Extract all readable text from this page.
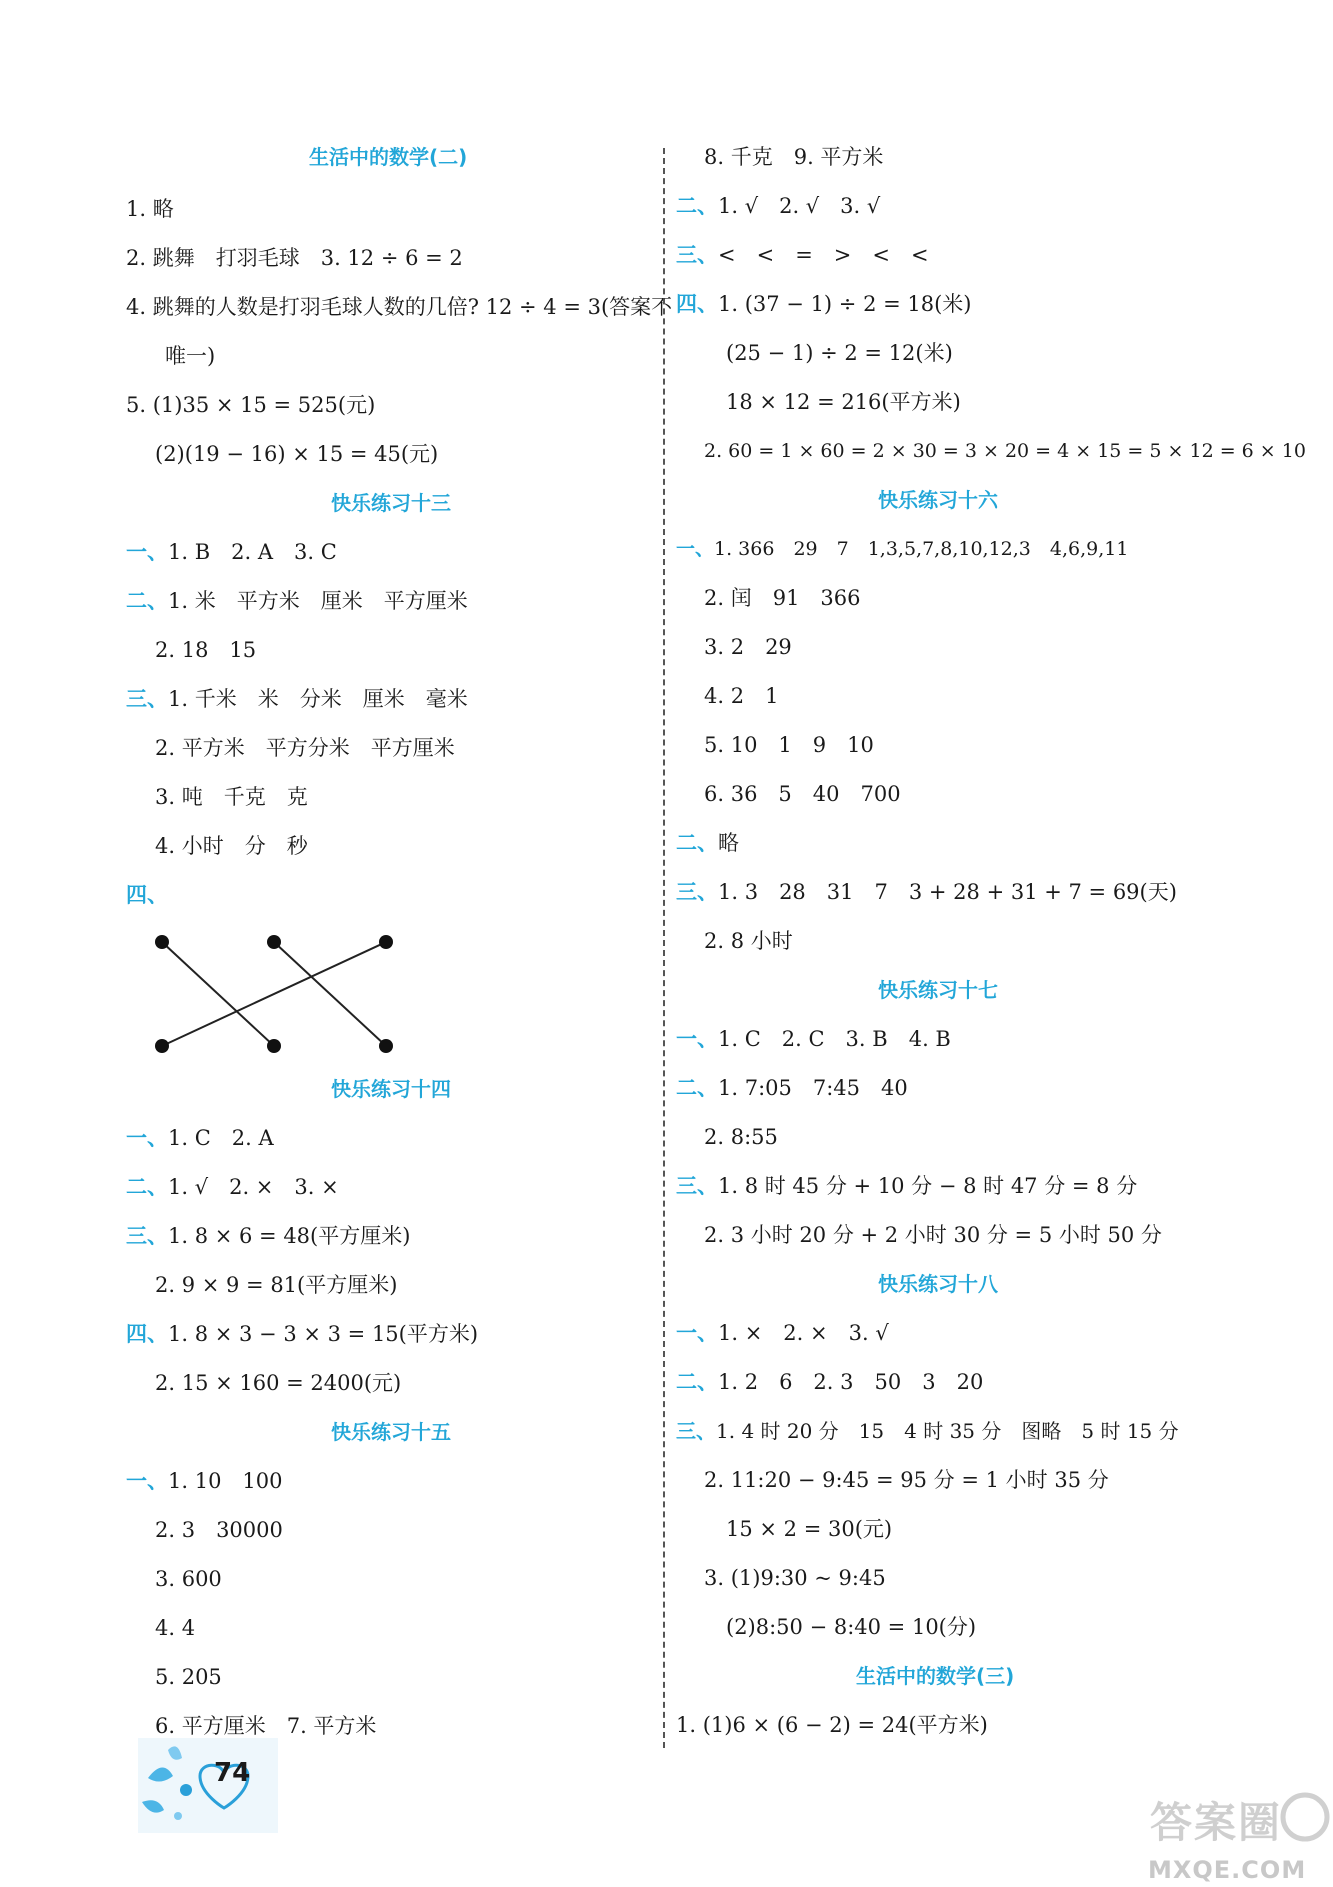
生活中的数学(二)
1. 略
2. 跳舞　打羽毛球　3. 12 ÷ 6 = 2
4. 跳舞的人数是打羽毛球人数的几倍? 12 ÷ 4 = 3(答案不
唯一)
5. (1)35 × 15 = 525(元)
(2)(19 − 16) × 15 = 45(元)
快乐练习十三
一、1. B　2. A　3. C
二、1. 米　平方米　厘米　平方厘米
2. 18　15
三、1. 千米　米　分米　厘米　毫米
2. 平方米　平方分米　平方厘米
3. 吨　千克　克
4. 小时　分　秒
四、
快乐练习十四
一、1. C　2. A
二、1. √　2. ×　3. ×
三、1. 8 × 6 = 48(平方厘米)
2. 9 × 9 = 81(平方厘米)
四、1. 8 × 3 − 3 × 3 = 15(平方米)
2. 15 × 160 = 2400(元)
快乐练习十五
一、1. 10　100
2. 3　30000
3. 600
4. 4
5. 205
6. 平方厘米　7. 平方米
8. 千克　9. 平方米
二、1. √　2. √　3. √
三、<　<　=　>　<　<
四、1. (37 − 1) ÷ 2 = 18(米)
(25 − 1) ÷ 2 = 12(米)
18 × 12 = 216(平方米)
2. 60 = 1 × 60 = 2 × 30 = 3 × 20 = 4 × 15 = 5 × 12 = 6 × 10
快乐练习十六
一、1. 366　29　7　1,3,5,7,8,10,12,3　4,6,9,11
2. 闰　91　366
3. 2　29
4. 2　1
5. 10　1　9　10
6. 36　5　40　700
二、略
三、1. 3　28　31　7　3 + 28 + 31 + 7 = 69(天)
2. 8 小时
快乐练习十七
一、1. C　2. C　3. B　4. B
二、1. 7:05　7:45　40
2. 8:55
三、1. 8 时 45 分 + 10 分 − 8 时 47 分 = 8 分
2. 3 小时 20 分 + 2 小时 30 分 = 5 小时 50 分
快乐练习十八
一、1. ×　2. ×　3. √
二、1. 2　6　2. 3　50　3　20
三、1. 4 时 20 分　15　4 时 35 分　图略　5 时 15 分
2. 11:20 − 9:45 = 95 分 = 1 小时 35 分
15 × 2 = 30(元)
3. (1)9:30 ~ 9:45
(2)8:50 − 8:40 = 10(分)
生活中的数学(三)
1. (1)6 × (6 − 2) = 24(平方米)
74
答案圈
MXQE.COM
